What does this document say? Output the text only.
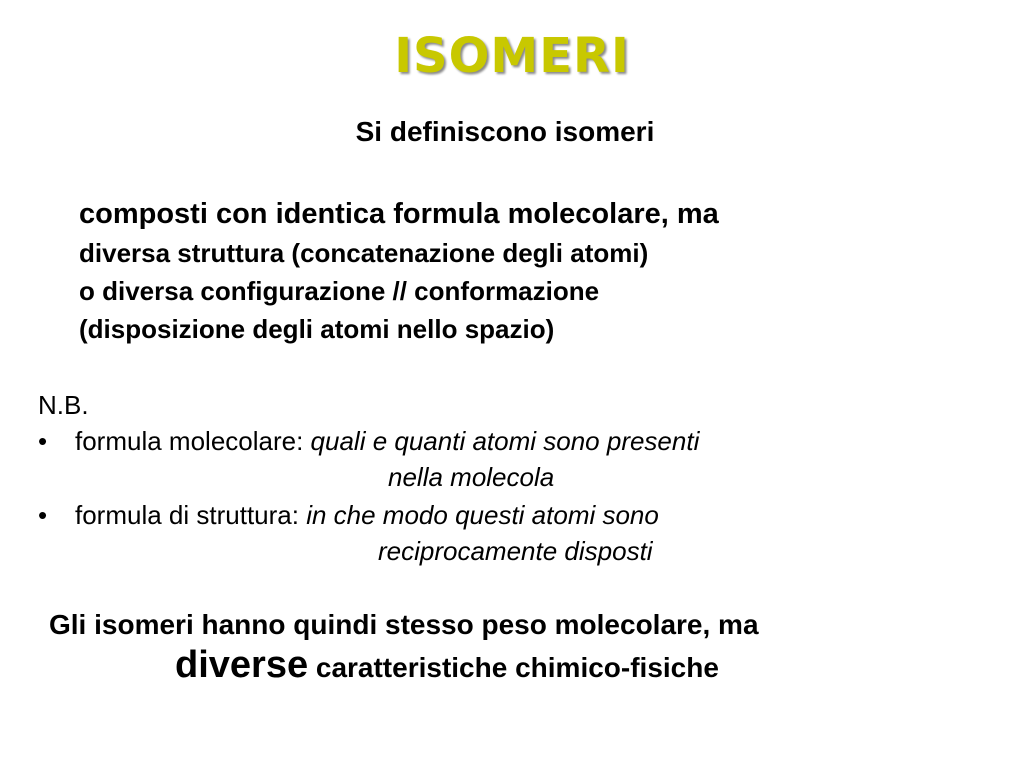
ISOMERI
Si definiscono isomeri
composti con identica formula molecolare, ma
diversa struttura (concatenazione degli atomi)
o diversa configurazione // conformazione
(disposizione degli atomi nello spazio)
N.B.
• formula molecolare: quali e quanti atomi sono presenti
nella molecola
• formula di struttura: in che modo questi atomi sono
reciprocamente disposti
Gli isomeri hanno quindi stesso peso molecolare, ma
diverse caratteristiche chimico-fisiche
